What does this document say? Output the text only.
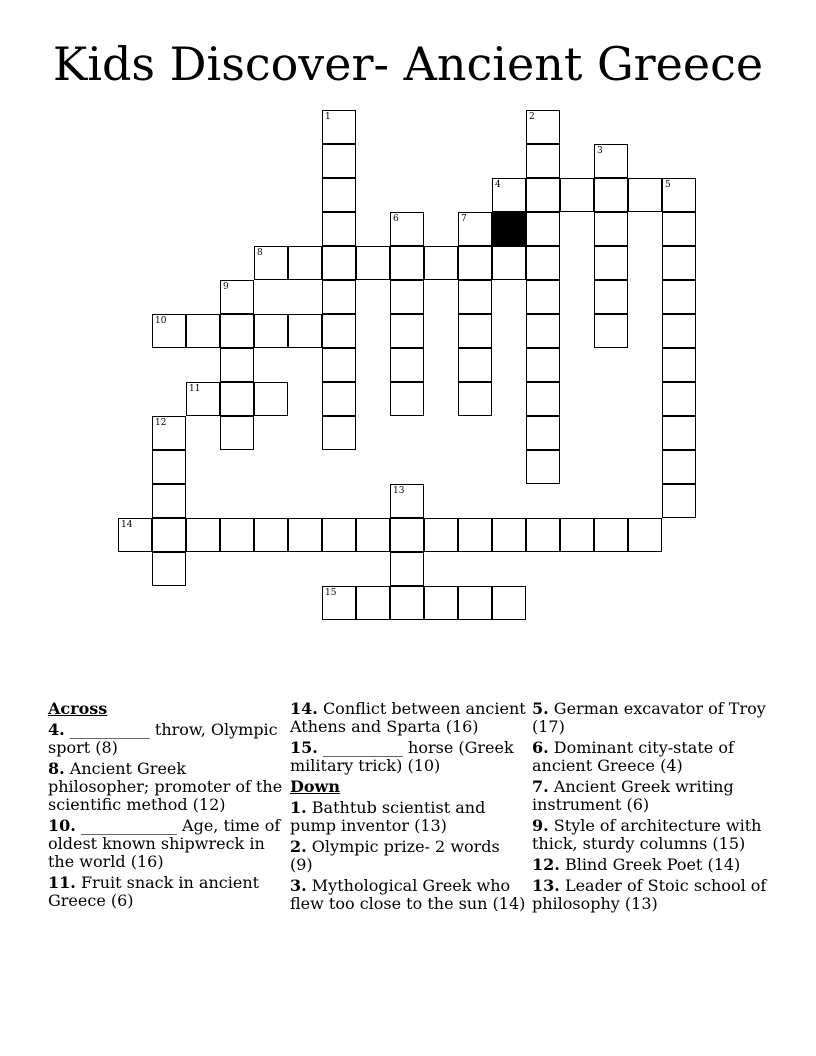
Kids Discover- Ancient Greece
1	2
3
4	5
6	7
8
9
10
11
12
13
14
15
Across
4. __________ throw, Olympic sport (8)
8. Ancient Greek philosopher; promoter of the scientific method (12)
10. ____________ Age, time of oldest known shipwreck in the world (16)
11. Fruit snack in ancient Greece (6)
14. Conflict between ancient Athens and Sparta (16)
15. __________ horse (Greek military trick) (10)
Down
1. Bathtub scientist and pump inventor (13)
2. Olympic prize- 2 words (9)
3. Mythological Greek who flew too close to the sun (14)
5. German excavator of Troy (17)
6. Dominant city-state of ancient Greece (4)
7. Ancient Greek writing instrument (6)
9. Style of architecture with thick, sturdy columns (15)
12. Blind Greek Poet (14)
13. Leader of Stoic school of philosophy (13)
